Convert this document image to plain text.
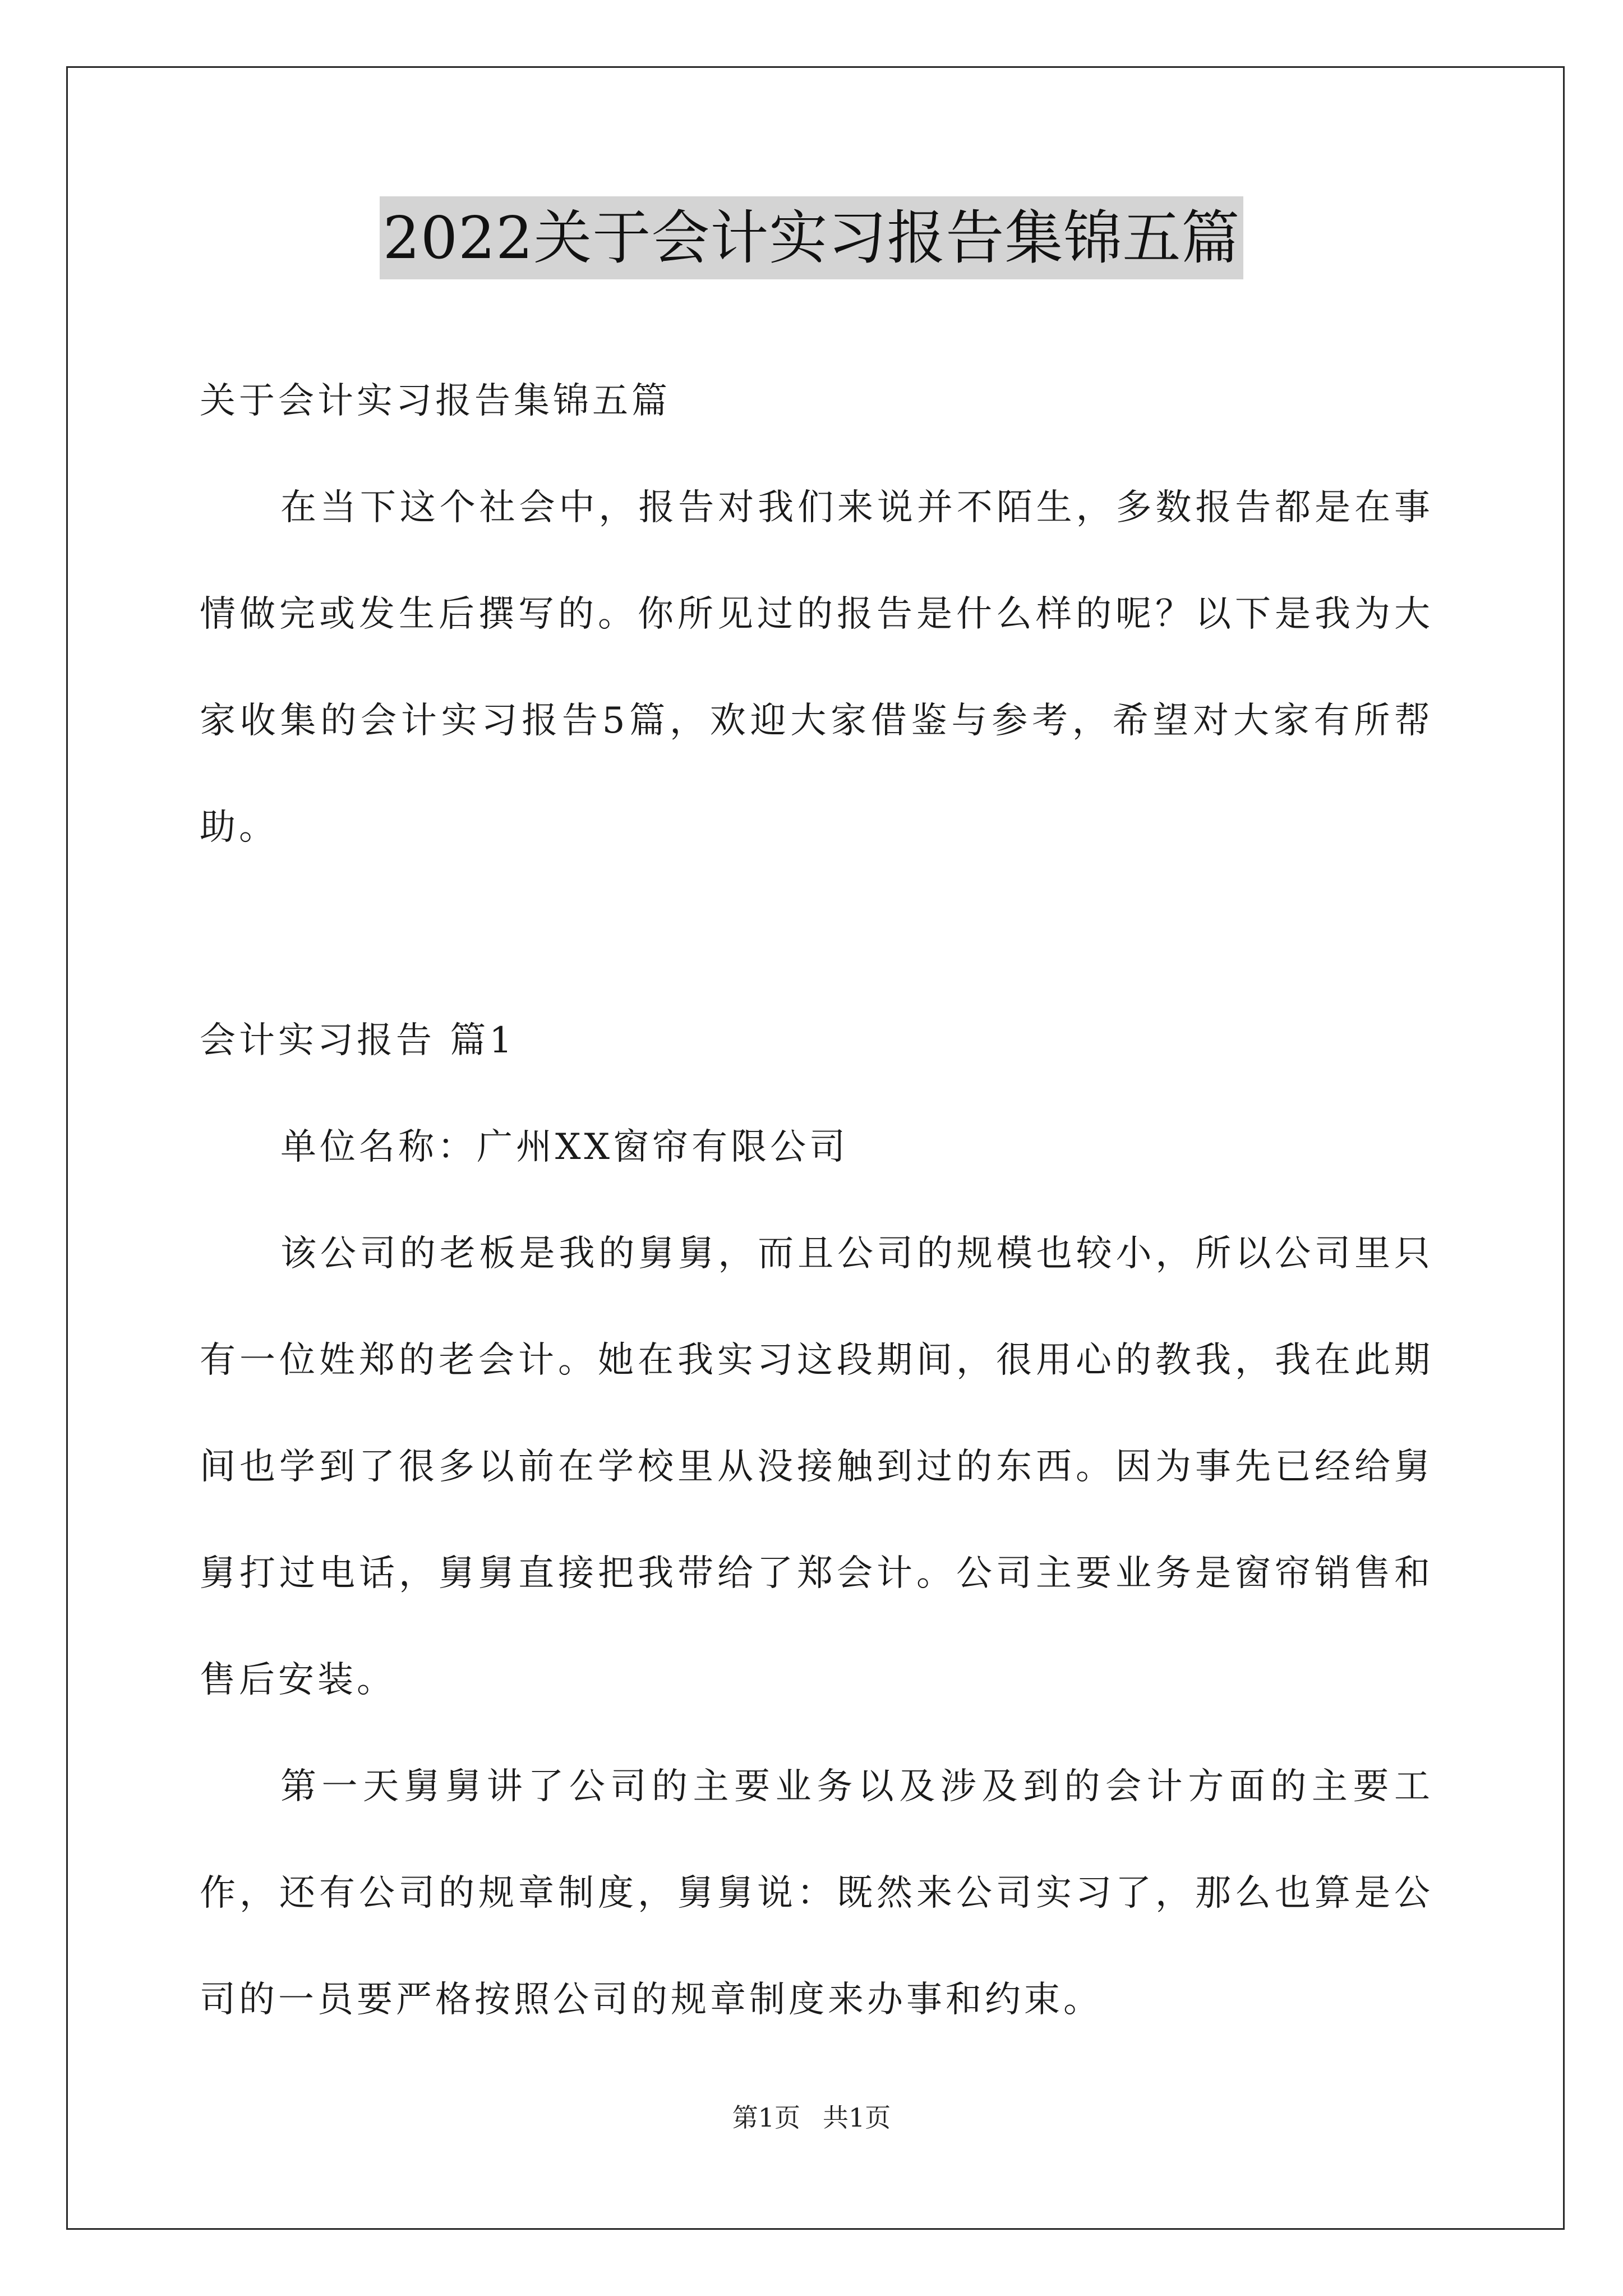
2022关于会计实习报告集锦五篇

关于会计实习报告集锦五篇

在当下这个社会中，报告对我们来说并不陌生，多数报告都是在事情做完或发生后撰写的。你所见过的报告是什么样的呢？以下是我为大家收集的会计实习报告5篇，欢迎大家借鉴与参考，希望对大家有所帮助。

会计实习报告 篇1

单位名称：广州XX窗帘有限公司

该公司的老板是我的舅舅，而且公司的规模也较小，所以公司里只有一位姓郑的老会计。她在我实习这段期间，很用心的教我，我在此期间也学到了很多以前在学校里从没接触到过的东西。因为事先已经给舅舅打过电话，舅舅直接把我带给了郑会计。公司主要业务是窗帘销售和售后安装。

第一天舅舅讲了公司的主要业务以及涉及到的会计方面的主要工作，还有公司的规章制度，舅舅说：既然来公司实习了，那么也算是公司的一员要严格按照公司的规章制度来办事和约束。

第1页 共1页
